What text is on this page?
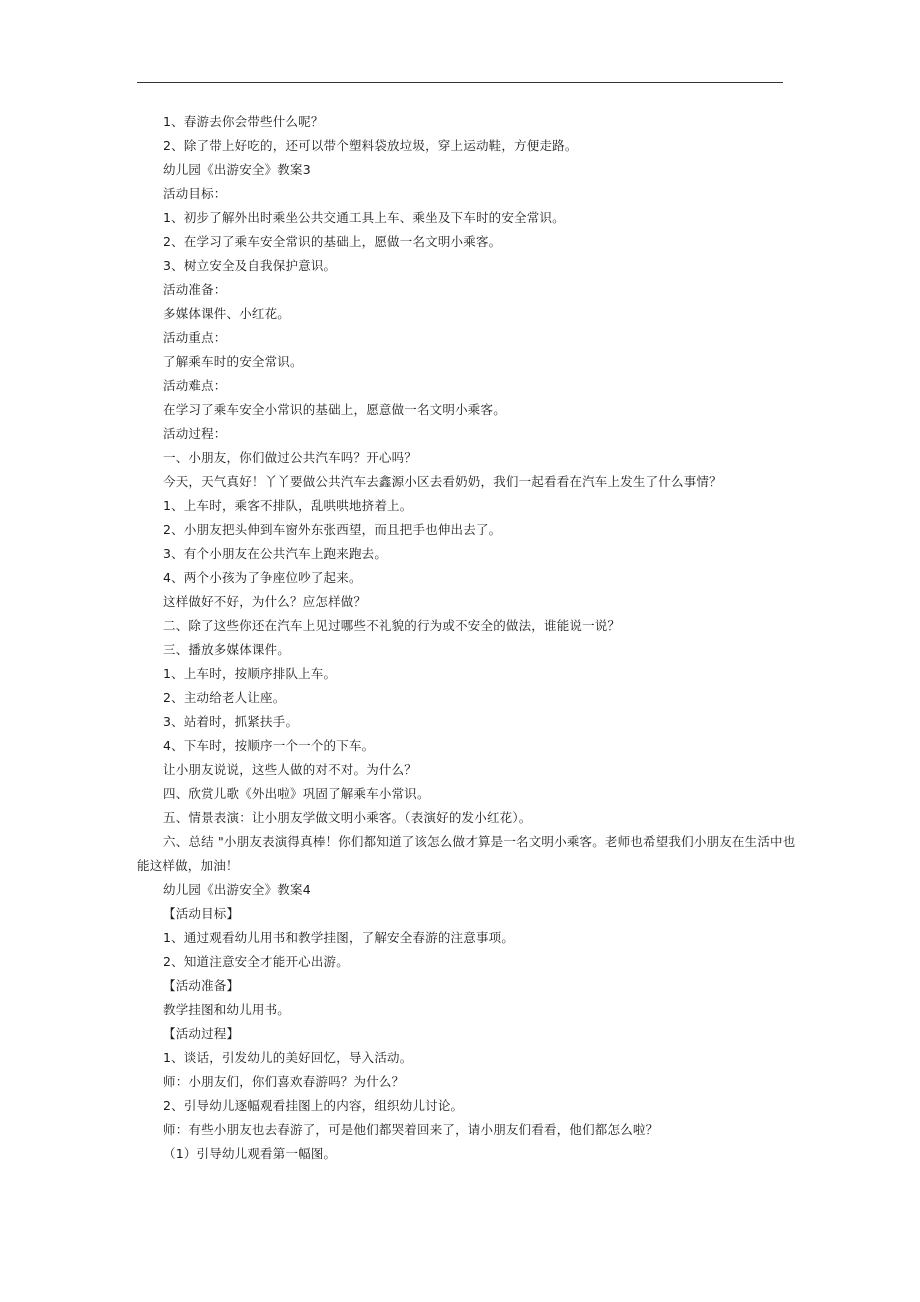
1、春游去你会带些什么呢？
2、除了带上好吃的，还可以带个塑料袋放垃圾，穿上运动鞋，方便走路。
幼儿园《出游安全》教案3
活动目标：
1、初步了解外出时乘坐公共交通工具上车、乘坐及下车时的安全常识。
2、在学习了乘车安全常识的基础上，愿做一名文明小乘客。
3、树立安全及自我保护意识。
活动准备：
多媒体课件、小红花。
活动重点：
了解乘车时的安全常识。
活动难点：
在学习了乘车安全小常识的基础上，愿意做一名文明小乘客。
活动过程：
一、小朋友，你们做过公共汽车吗？开心吗？
今天，天气真好！丫丫要做公共汽车去鑫源小区去看奶奶，我们一起看看在汽车上发生了什么事情？
1、上车时，乘客不排队，乱哄哄地挤着上。
2、小朋友把头伸到车窗外东张西望，而且把手也伸出去了。
3、有个小朋友在公共汽车上跑来跑去。
4、两个小孩为了争座位吵了起来。
这样做好不好，为什么？应怎样做？
二、除了这些你还在汽车上见过哪些不礼貌的行为或不安全的做法，谁能说一说？
三、播放多媒体课件。
1、上车时，按顺序排队上车。
2、主动给老人让座。
3、站着时，抓紧扶手。
4、下车时，按顺序一个一个的下车。
让小朋友说说，这些人做的对不对。为什么？
四、欣赏儿歌《外出啦》巩固了解乘车小常识。
五、情景表演：让小朋友学做文明小乘客。（表演好的发小红花）。
六、总结 "小朋友表演得真棒！你们都知道了该怎么做才算是一名文明小乘客。老师也希望我们小朋友在生活中也
能这样做，加油！
幼儿园《出游安全》教案4
【活动目标】
1、通过观看幼儿用书和教学挂图，了解安全春游的注意事项。
2、知道注意安全才能开心出游。
【活动准备】
教学挂图和幼儿用书。
【活动过程】
1、谈话，引发幼儿的美好回忆，导入活动。
师：小朋友们，你们喜欢春游吗？为什么？
2、引导幼儿逐幅观看挂图上的内容，组织幼儿讨论。
师：有些小朋友也去春游了，可是他们都哭着回来了，请小朋友们看看，他们都怎么啦？
（1）引导幼儿观看第一幅图。
